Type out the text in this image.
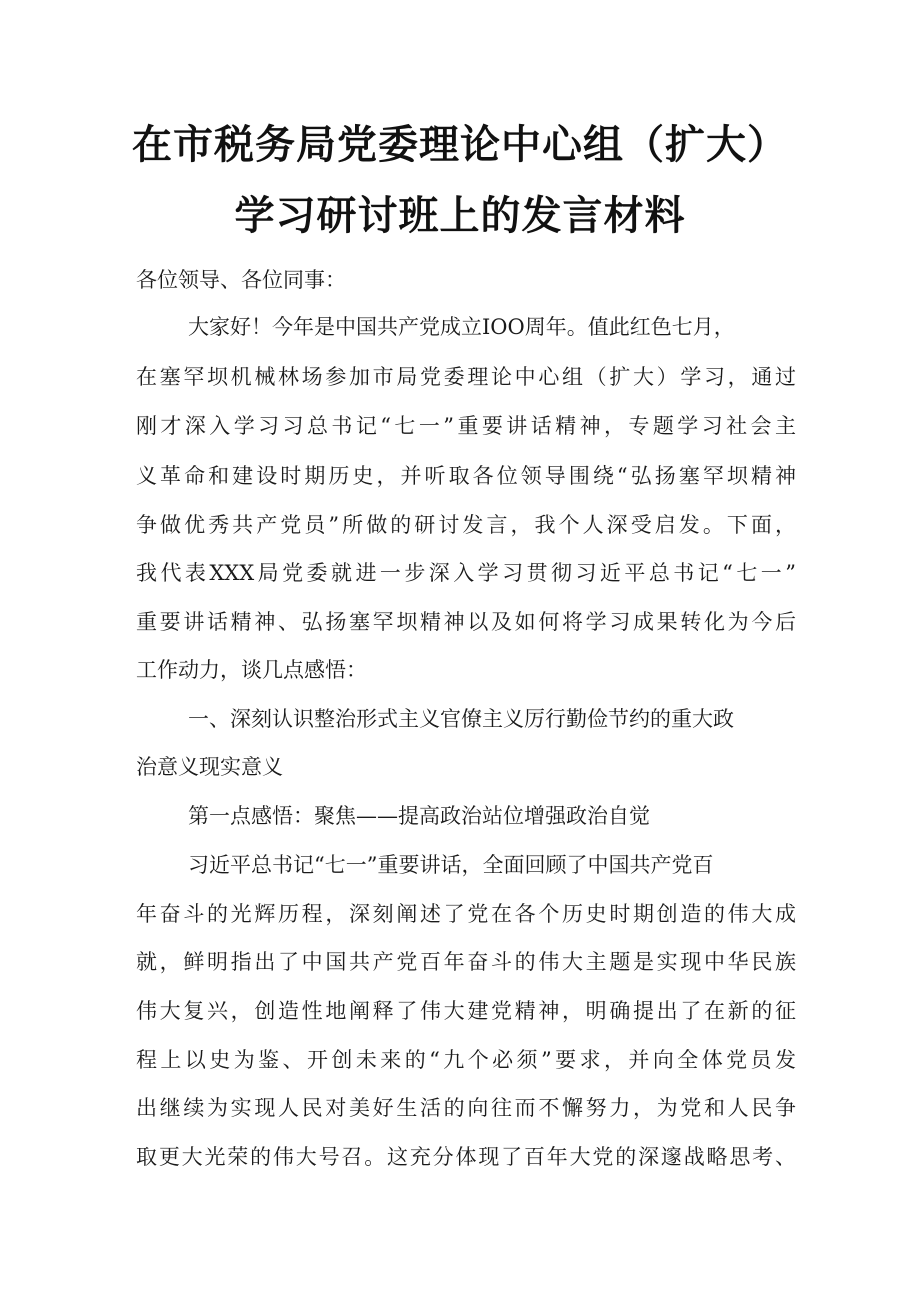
在市税务局党委理论中心组（扩大）
学习研讨班上的发言材料

各位领导、各位同事：

大家好！今年是中国共产党成立IOO周年。值此红色七月，

在塞罕坝机械林场参加市局党委理论中心组（扩大）学习，通过

刚才深入学习习总书记“七一”重要讲话精神，专题学习社会主

义革命和建设时期历史，并听取各位领导围绕“弘扬塞罕坝精神

争做优秀共产党员”所做的研讨发言，我个人深受启发。下面，

我代表XXX局党委就进一步深入学习贯彻习近平总书记“七一”

重要讲话精神、弘扬塞罕坝精神以及如何将学习成果转化为今后

工作动力，谈几点感悟：

一、深刻认识整治形式主义官僚主义厉行勤俭节约的重大政

治意义现实意义

第一点感悟：聚焦——提高政治站位增强政治自觉

习近平总书记“七一”重要讲话，全面回顾了中国共产党百

年奋斗的光辉历程，深刻阐述了党在各个历史时期创造的伟大成

就，鲜明指出了中国共产党百年奋斗的伟大主题是实现中华民族

伟大复兴，创造性地阐释了伟大建党精神，明确提出了在新的征

程上以史为鉴、开创未来的“九个必须”要求，并向全体党员发

出继续为实现人民对美好生活的向往而不懈努力，为党和人民争

取更大光荣的伟大号召。这充分体现了百年大党的深邃战略思考、
